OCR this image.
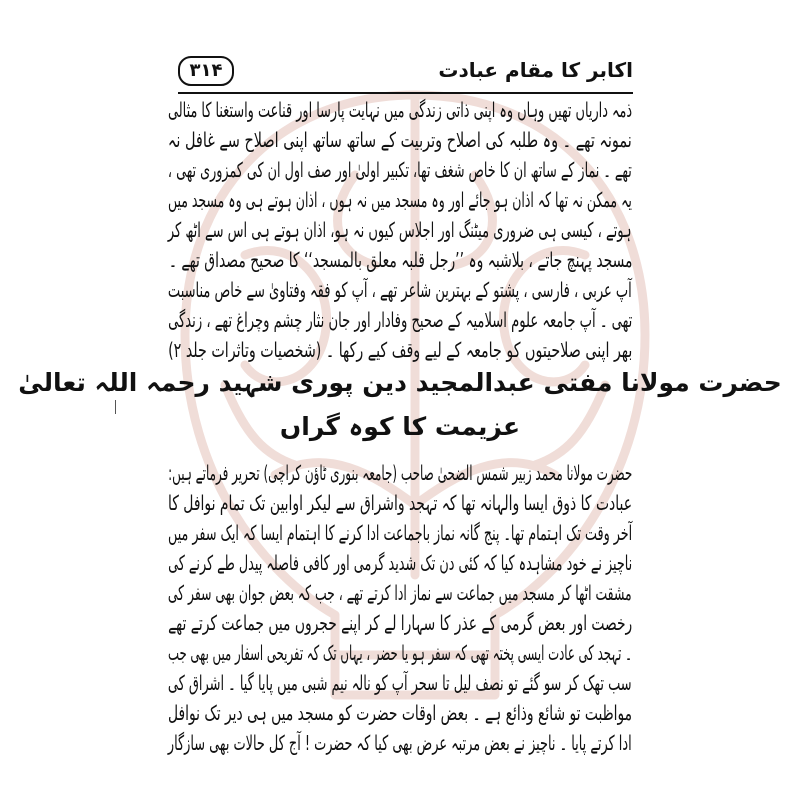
۳۱۴	اکابر کا مقام عبادت
ذمہ داریاں تھیں وہاں وہ اپنی ذاتی زندگی میں نہایت پارسا اور قناعت واستغنا کا مثالی
نمونہ تھے ۔ وہ طلبہ کی اصلاح وتربیت کے ساتھ ساتھ اپنی اصلاح سے غافل نہ
تھے ۔ نماز کے ساتھ ان کا خاص شغف تھا، تکبیر اولیٰ اور صف اول ان کی کمزوری تھی ،
یہ ممکن نہ تھا کہ اذان ہو جائے اور وہ مسجد میں نہ ہوں ، اذان ہوتے ہی وہ مسجد میں
ہوتے ، کیسی ہی ضروری میٹنگ اور اجلاس کیوں نہ ہو، اذان ہوتے ہی اس سے اٹھ کر
مسجد پہنچ جاتے ، بلاشبہ وہ ’’رجل قلبہ معلق بالمسجد‘‘ کا صحیح مصداق تھے ۔
آپ عربی ، فارسی ، پشتو کے بہترین شاعر تھے ، آپ کو فقہ وفتاویٰ سے خاص مناسبت
تھی ۔ آپ جامعہ علوم اسلامیہ کے صحیح وفادار اور جان نثار چشم وچراغ تھے ، زندگی
بھر اپنی صلاحیتوں کو جامعہ کے لیے وقف کیے رکھا ۔ (شخصیات وتاثرات جلد ۲)
حضرت مولانا مفتی عبدالمجید دین پوری شہید رحمہ اللہ تعالیٰ
عزیمت کا کوہ گراں
حضرت مولانا محمد زبیر شمس الضحیٰ صاحب (جامعہ بنوری ٹاؤن کراچی) تحریر فرماتے ہیں:
عبادت کا ذوق ایسا والہانہ تھا کہ تہجد واشراق سے لیکر اوابین تک تمام نوافل کا
آخر وقت تک اہتمام تھا۔ پنج گانہ نماز باجماعت ادا کرنے کا اہتمام ایسا کہ ایک سفر میں
ناچیز نے خود مشاہدہ کیا کہ کئی دن تک شدید گرمی اور کافی فاصلہ پیدل طے کرنے کی
مشقت اٹھا کر مسجد میں جماعت سے نماز ادا کرتے تھے ، جب کہ بعض جوان بھی سفر کی
رخصت اور بعض گرمی کے عذر کا سہارا لے کر اپنے حجروں میں جماعت کرتے تھے
۔ تہجد کی عادت ایسی پختہ تھی کہ سفر ہو یا حضر ، یہاں تک کہ تفریحی اسفار میں بھی جب
سب تھک کر سو گئے تو نصف لیل تا سحر آپ کو نالہ نیم شبی میں پایا گیا ۔ اشراق کی
مواظبت تو شائع وذائع ہے ۔ بعض اوقات حضرت کو مسجد میں ہی دیر تک نوافل
ادا کرتے پایا ۔ ناچیز نے بعض مرتبہ عرض بھی کیا کہ حضرت ! آج کل حالات بھی سازگار
